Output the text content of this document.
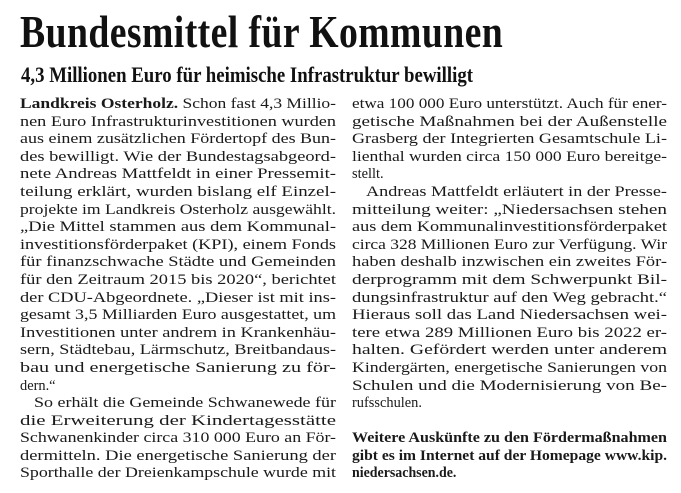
Bundesmittel für Kommunen
4,3 Millionen Euro für heimische Infrastruktur bewilligt
Landkreis Osterholz. Schon fast 4,3 Millio-
nen Euro Infrastrukturinvestitionen wurden
aus einem zusätzlichen Fördertopf des Bun-
des bewilligt. Wie der Bundestagsabgeord-
nete Andreas Mattfeldt in einer Pressemit-
teilung erklärt, wurden bislang elf Einzel-
projekte im Landkreis Osterholz ausgewählt.
„Die Mittel stammen aus dem Kommunal-
investitionsförderpaket (KPI), einem Fonds
für finanzschwache Städte und Gemeinden
für den Zeitraum 2015 bis 2020“, berichtet
der CDU-Abgeordnete. „Dieser ist mit ins-
gesamt 3,5 Milliarden Euro ausgestattet, um
Investitionen unter andrem in Krankenhäu-
sern, Städtebau, Lärmschutz, Breitbandaus-
bau und energetische Sanierung zu för-
dern.“
So erhält die Gemeinde Schwanewede für
die Erweiterung der Kindertagesstätte
Schwanenkinder circa 310 000 Euro an För-
dermitteln. Die energetische Sanierung der
Sporthalle der Dreienkampschule wurde mit
etwa 100 000 Euro unterstützt. Auch für ener-
getische Maßnahmen bei der Außenstelle
Grasberg der Integrierten Gesamtschule Li-
lienthal wurden circa 150 000 Euro bereitge-
stellt.
Andreas Mattfeldt erläutert in der Presse-
mitteilung weiter: „Niedersachsen stehen
aus dem Kommunalinvestitionsförderpaket
circa 328 Millionen Euro zur Verfügung. Wir
haben deshalb inzwischen ein zweites För-
derprogramm mit dem Schwerpunkt Bil-
dungsinfrastruktur auf den Weg gebracht.“
Hieraus soll das Land Niedersachsen wei-
tere etwa 289 Millionen Euro bis 2022 er-
halten. Gefördert werden unter anderem
Kindergärten, energetische Sanierungen von
Schulen und die Modernisierung von Be-
rufsschulen.
Weitere Auskünfte zu den Fördermaßnahmen
gibt es im Internet auf der Homepage www.kip.
niedersachsen.de.
